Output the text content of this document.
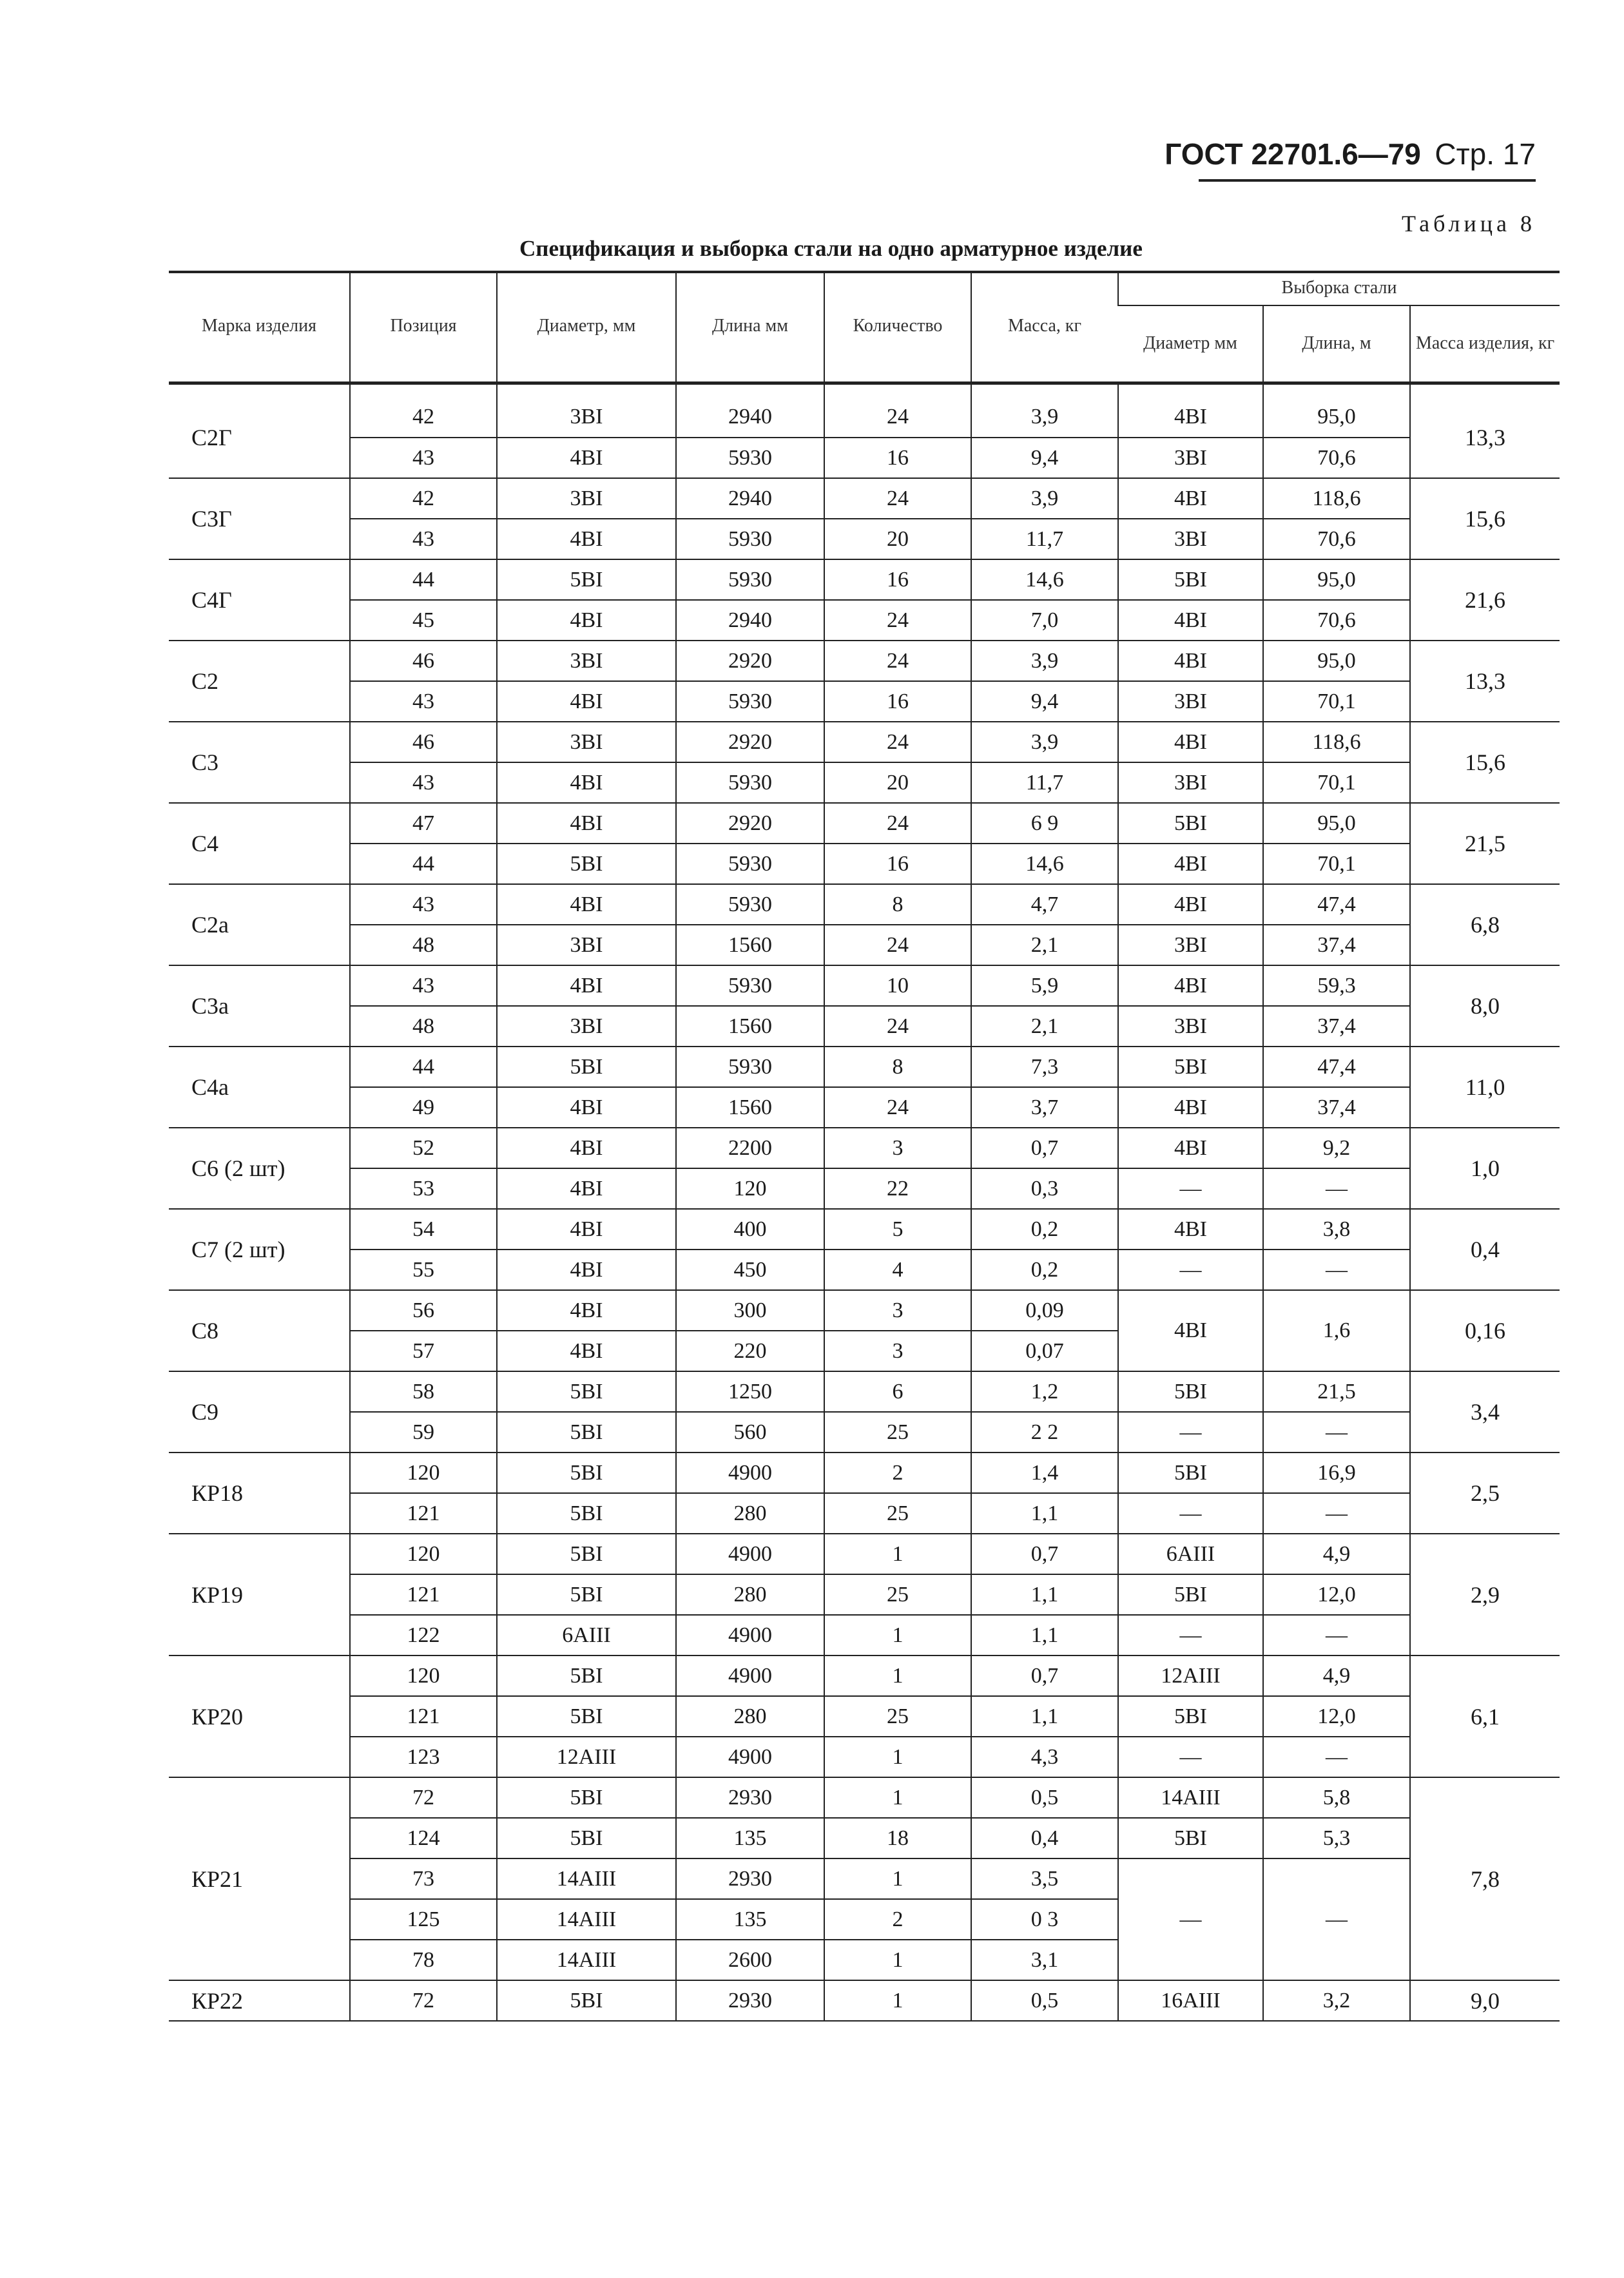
ГОСТ 22701.6—79 Стр. 17
Таблица 8
Спецификация и выборка стали на одно арматурное изделие
Марка изделия	Позиция	Диаметр, мм	Длина мм	Количество	Масса, кг	Выборка стали		
						Диаметр мм	Длина, м	Масса изделия, кг

С2Г	42	3BI	2940	24	3,9	4BI	95,0	13,3
	43	4BI	5930	16	9,4	3BI	70,6	
С3Г	42	3BI	2940	24	3,9	4BI	118,6	15,6
	43	4BI	5930	20	11,7	3BI	70,6	
С4Г	44	5BI	5930	16	14,6	5BI	95,0	21,6
	45	4BI	2940	24	7,0	4BI	70,6	
С2	46	3BI	2920	24	3,9	4BI	95,0	13,3
	43	4BI	5930	16	9,4	3BI	70,1	
С3	46	3BI	2920	24	3,9	4BI	118,6	15,6
	43	4BI	5930	20	11,7	3BI	70,1	
С4	47	4BI	2920	24	6 9	5BI	95,0	21,5
	44	5BI	5930	16	14,6	4BI	70,1	
С2а	43	4BI	5930	8	4,7	4BI	47,4	6,8
	48	3BI	1560	24	2,1	3BI	37,4	
С3а	43	4BI	5930	10	5,9	4BI	59,3	8,0
	48	3BI	1560	24	2,1	3BI	37,4	
С4а	44	5BI	5930	8	7,3	5BI	47,4	11,0
	49	4BI	1560	24	3,7	4BI	37,4	
С6 (2 шт)	52	4BI	2200	3	0,7	4BI	9,2	1,0
	53	4BI	120	22	0,3	—	—	
С7 (2 шт)	54	4BI	400	5	0,2	4BI	3,8	0,4
	55	4BI	450	4	0,2	—	—	
С8	56	4BI	300	3	0,09	4BI	1,6	0,16
	57	4BI	220	3	0,07			
С9	58	5BI	1250	6	1,2	5BI	21,5	3,4
	59	5BI	560	25	2 2	—	—	
КР18	120	5BI	4900	2	1,4	5BI	16,9	2,5
	121	5BI	280	25	1,1	—	—	
КР19	120	5BI	4900	1	0,7	6AIII	4,9	2,9
	121	5BI	280	25	1,1	5BI	12,0	
	122	6AIII	4900	1	1,1	—	—	
КР20	120	5BI	4900	1	0,7	12AIII	4,9	6,1
	121	5BI	280	25	1,1	5BI	12,0	
	123	12AIII	4900	1	4,3	—	—	
КР21	72	5BI	2930	1	0,5	14AIII	5,8	7,8
	124	5BI	135	18	0,4	5BI	5,3	
	73	14AIII	2930	1	3,5	—	—	
	125	14AIII	135	2	0 3			
	78	14AIII	2600	1	3,1			
КР22	72	5BI	2930	1	0,5	16AIII	3,2	9,0
